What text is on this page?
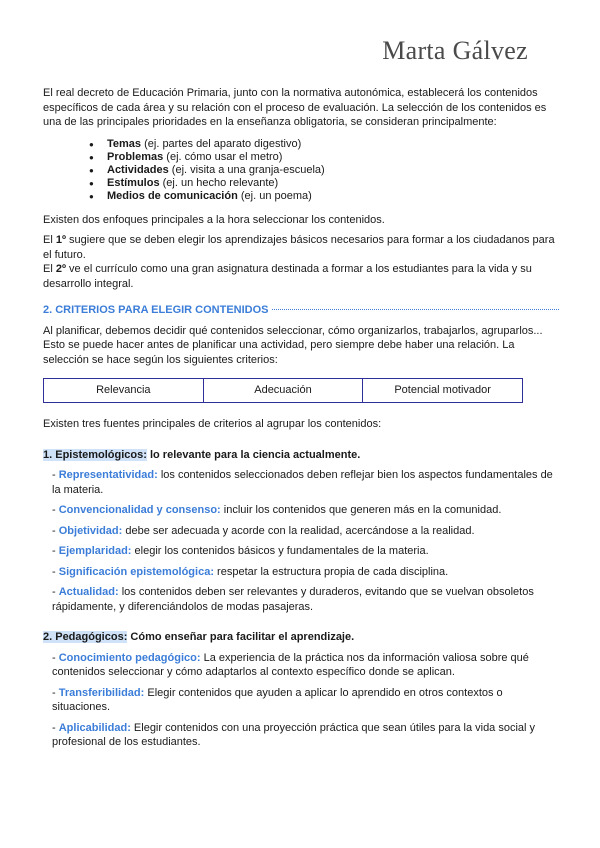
Marta Gálvez

El real decreto de Educación Primaria, junto con la normativa autonómica, establecerá los contenidos específicos de cada área y su relación con el proceso de evaluación. La selección de los contenidos es una de las principales prioridades en la enseñanza obligatoria, se consideran principalmente:

● Temas (ej. partes del aparato digestivo)
● Problemas (ej. cómo usar el metro)
● Actividades (ej. visita a una granja-escuela)
● Estímulos (ej. un hecho relevante)
● Medios de comunicación (ej. un poema)

Existen dos enfoques principales a la hora seleccionar los contenidos.

El 1º sugiere que se deben elegir los aprendizajes básicos necesarios para formar a los ciudadanos para el futuro.

El 2º ve el currículo como una gran asignatura destinada a formar a los estudiantes para la vida y su desarrollo integral.

2. CRITERIOS PARA ELEGIR CONTENIDOS

Al planificar, debemos decidir qué contenidos seleccionar, cómo organizarlos, trabajarlos, agruparlos... Esto se puede hacer antes de planificar una actividad, pero siempre debe haber una relación. La selección se hace según los siguientes criterios:

Relevancia	Adecuación	Potencial motivador

Existen tres fuentes principales de criterios al agrupar los contenidos:

1. Epistemológicos: lo relevante para la ciencia actualmente.

- Representatividad: los contenidos seleccionados deben reflejar bien los aspectos fundamentales de la materia.

- Convencionalidad y consenso: incluir los contenidos que generen más en la comunidad.

- Objetividad: debe ser adecuada y acorde con la realidad, acercándose a la realidad.

- Ejemplaridad: elegir los contenidos básicos y fundamentales de la materia.

- Significación epistemológica: respetar la estructura propia de cada disciplina.

- Actualidad: los contenidos deben ser relevantes y duraderos, evitando que se vuelvan obsoletos rápidamente, y diferenciándolos de modas pasajeras.

2. Pedagógicos: Cómo enseñar para facilitar el aprendizaje.

- Conocimiento pedagógico: La experiencia de la práctica nos da información valiosa sobre qué contenidos seleccionar y cómo adaptarlos al contexto específico donde se aplican.

- Transferibilidad: Elegir contenidos que ayuden a aplicar lo aprendido en otros contextos o situaciones.

- Aplicabilidad: Elegir contenidos con una proyección práctica que sean útiles para la vida social y profesional de los estudiantes.
